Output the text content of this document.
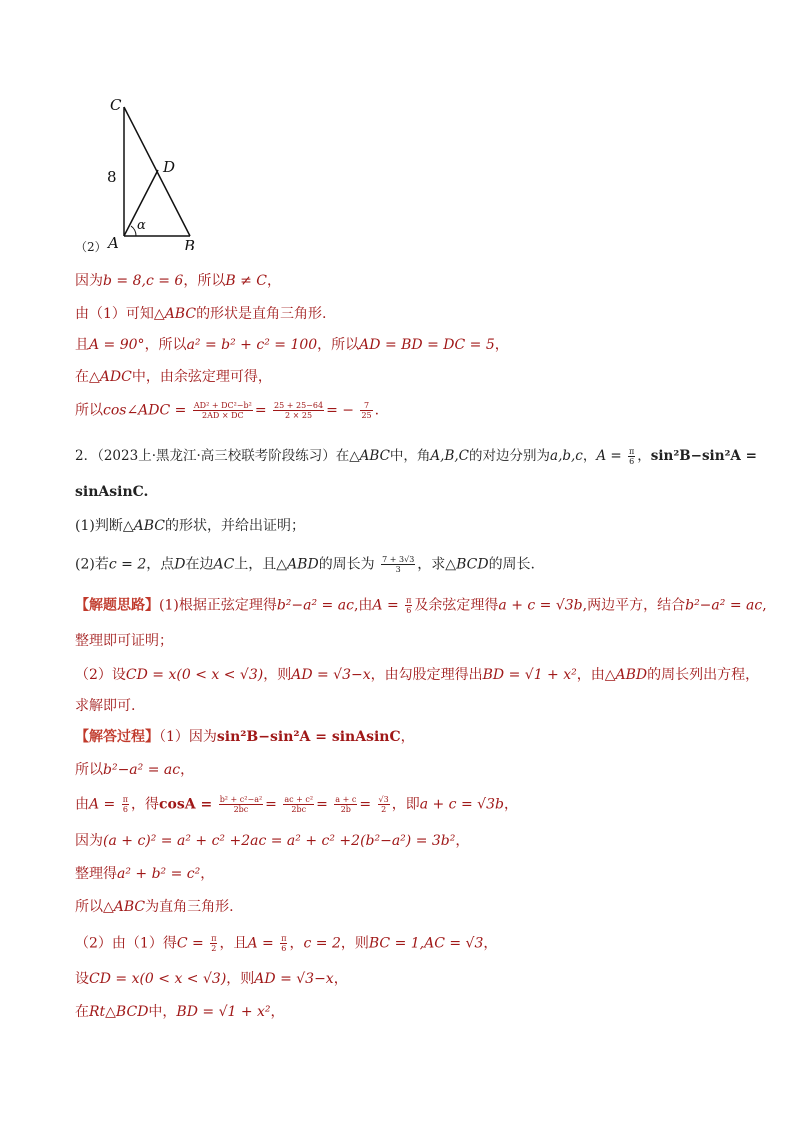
C
D
A	B
8
α
（2）
因为b = 8,c = 6，所以B ≠ C，
由（1）可知△ABC的形状是直角三角形.
且A = 90°，所以a² = b² + c² = 100，所以AD = BD = DC = 5，
在△ADC中，由余弦定理可得，
所以cos∠ADC = $\frac{\text{AD² + DC²−b²}}{2AD \times DC} = \frac{25 + 25-64}{2 \times 25}$ = − $\frac{7}{25}$ .
2．（2023上·黑龙江·高三校联考阶段练习）在△ABC中，角A,B,C的对边分别为a,b,c，$A = \frac{\pi}{6}$ ，sin²B−sin²A =
sinAsinC.
(1)判断△ABC的形状，并给出证明；
(2)若c = 2，点D在边AC上，且△ABD的周长为 $\frac{7 + 3√3}{3}$ ，求△BCD的周长.
【解题思路】(1)根据正弦定理得b²−a² = ac,由$A = \frac{\pi}{6}$ 及余弦定理得a + c = √3b,两边平方，结合b²−a² = ac,
整理即可证明；
（2）设CD = x(0 < x < √3)，则AD = √3−x，由勾股定理得出BD = √1 + x²，由△ABD的周长列出方程，
求解即可.
【解答过程】（1）因为sin²B−sin²A = sinAsinC，
所以b²−a² = ac，
由$A = \frac{\pi}{6}$ ，得$\cos A = \frac{\text{b² + c²−a²}}{2bc} = \frac{\text{ac + c²}}{2bc} = \frac{a + c}{2b} = \frac{√3}{2}$ ，即a + c = √3b，
因为(a + c)² = a² + c² +2ac = a² + c² +2(b²−a²) = 3b²，
整理得a² + b² = c²，
所以△ABC为直角三角形.
（2）由（1）得$C = \frac{\pi}{2}$ ，且$A = \frac{\pi}{6}$ ，c = 2，则BC = 1,AC = √3，
设CD = x(0 < x < √3)，则AD = √3−x，
在Rt△BCD中，BD = √1 + x²，
